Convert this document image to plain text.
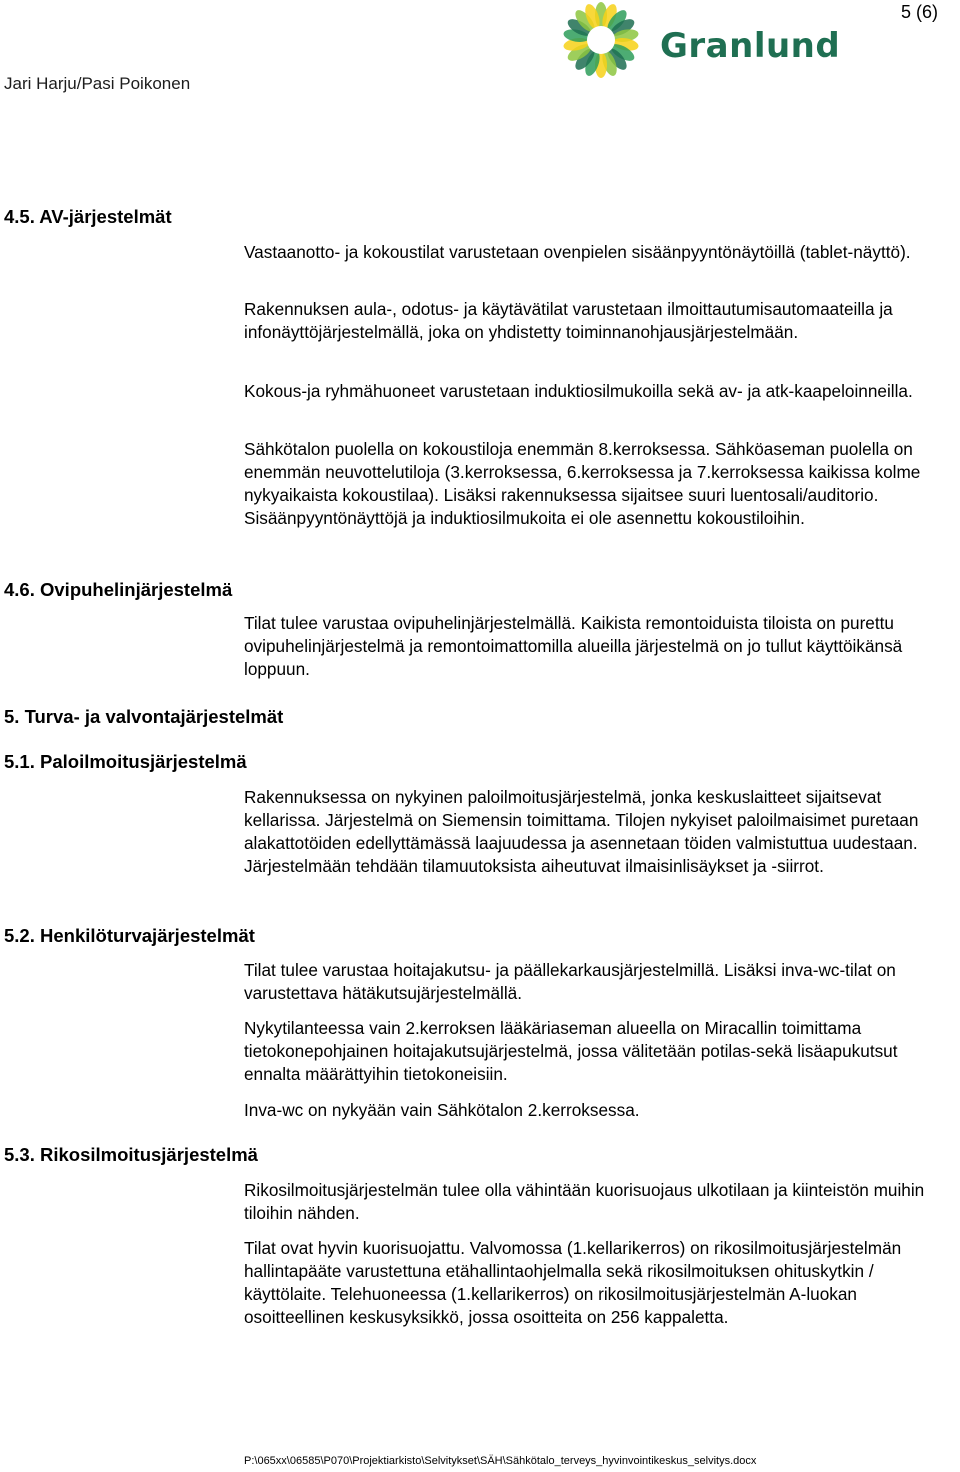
5 (6)
Jari Harju/Pasi Poikonen
Granlund
4.5. AV-järjestelmät
4.6. Ovipuhelinjärjestelmä
5. Turva- ja valvontajärjestelmät
5.1. Paloilmoitusjärjestelmä
5.2. Henkilöturvajärjestelmät
5.3. Rikosilmoitusjärjestelmä
Vastaanotto- ja kokoustilat varustetaan ovenpielen sisäänpyyntönäytöillä (tablet-näyttö).
Rakennuksen aula-, odotus- ja käytävätilat varustetaan ilmoittautumisautomaateilla ja infonäyttöjärjestelmällä, joka on yhdistetty toiminnanohjausjärjestelmään.
Kokous-ja ryhmähuoneet varustetaan induktiosilmukoilla sekä av- ja atk-kaapeloinneilla.
Sähkötalon puolella on kokoustiloja enemmän 8.kerroksessa. Sähköaseman puolella on enemmän neuvottelutiloja (3.kerroksessa, 6.kerroksessa ja 7.kerroksessa kaikissa kolme nykyaikaista kokoustilaa). Lisäksi rakennuksessa sijaitsee suuri luentosali/auditorio. Sisäänpyyntönäyttöjä ja induktiosilmukoita ei ole asennettu kokoustiloihin.
Tilat tulee varustaa ovipuhelinjärjestelmällä. Kaikista remontoiduista tiloista on purettu ovipuhelinjärjestelmä ja remontoimattomilla alueilla järjestelmä on jo tullut käyttöikänsä loppuun.
Rakennuksessa on nykyinen paloilmoitusjärjestelmä, jonka keskuslaitteet sijaitsevat kellarissa. Järjestelmä on Siemensin toimittama. Tilojen nykyiset paloilmaisimet puretaan alakattotöiden edellyttämässä laajuudessa ja asennetaan töiden valmistuttua uudestaan. Järjestelmään tehdään tilamuutoksista aiheutuvat ilmaisinlisäykset ja -siirrot.
Tilat tulee varustaa hoitajakutsu- ja päällekarkausjärjestelmillä. Lisäksi inva-wc-tilat on varustettava hätäkutsujärjestelmällä.
Nykytilanteessa vain 2.kerroksen lääkäriaseman alueella on Miracallin toimittama tietokonepohjainen hoitajakutsujärjestelmä, jossa välitetään potilas-sekä lisäapukutsut ennalta määrättyihin tietokoneisiin.
Inva-wc on nykyään vain Sähkötalon 2.kerroksessa.
Rikosilmoitusjärjestelmän tulee olla vähintään kuorisuojaus ulkotilaan ja kiinteistön muihin tiloihin nähden.
Tilat ovat hyvin kuorisuojattu. Valvomossa (1.kellarikerros) on rikosilmoitusjärjestelmän hallintapääte varustettuna etähallintaohjelmalla sekä rikosilmoituksen ohituskytkin / käyttölaite. Telehuoneessa (1.kellarikerros) on rikosilmoitusjärjestelmän A-luokan osoitteellinen keskusyksikkö, jossa osoitteita on 256 kappaletta.
P:\065xx\06585\P070\Projektiarkisto\Selvitykset\SÄH\Sähkötalo_terveys_hyvinvointikeskus_selvitys.docx
